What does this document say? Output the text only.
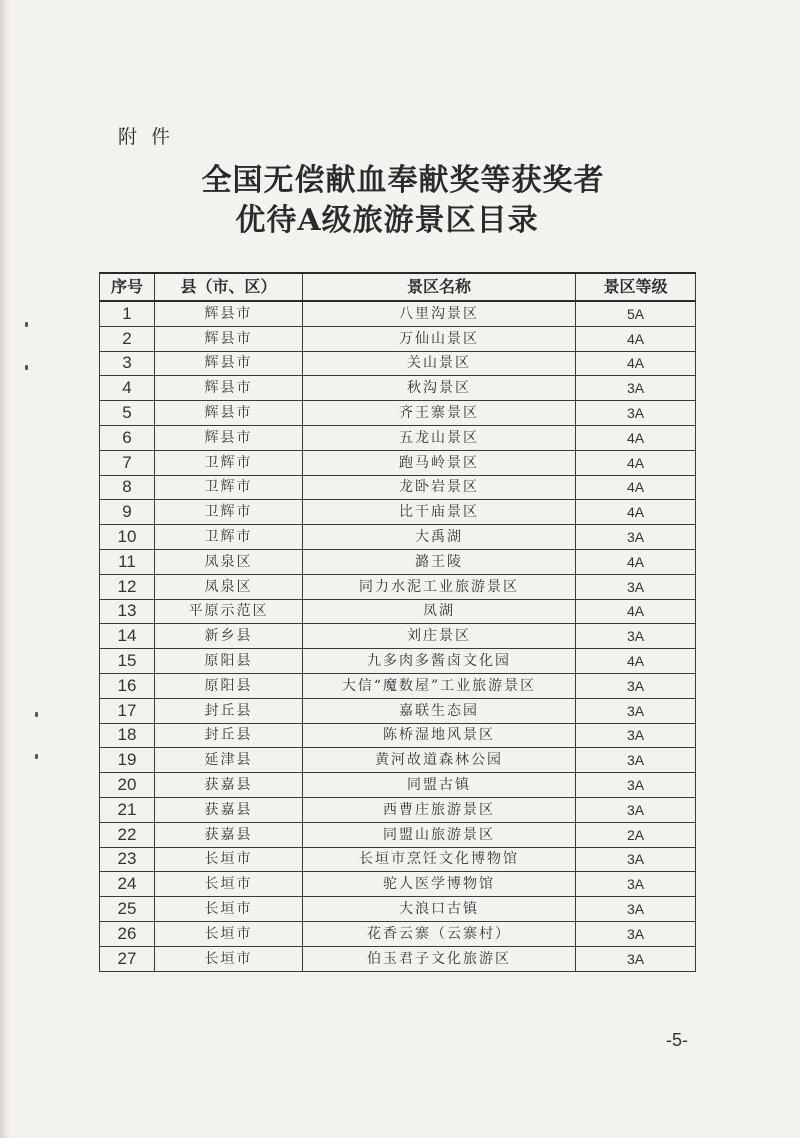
附件
全国无偿献血奉献奖等获奖者
优待A级旅游景区目录
序号	县（市、区）	景区名称	景区等级
1	辉县市	八里沟景区	5A
2	辉县市	万仙山景区	4A
3	辉县市	关山景区	4A
4	辉县市	秋沟景区	3A
5	辉县市	齐王寨景区	3A
6	辉县市	五龙山景区	4A
7	卫辉市	跑马岭景区	4A
8	卫辉市	龙卧岩景区	4A
9	卫辉市	比干庙景区	4A
10	卫辉市	大禹湖	3A
11	凤泉区	潞王陵	4A
12	凤泉区	同力水泥工业旅游景区	3A
13	平原示范区	凤湖	4A
14	新乡县	刘庄景区	3A
15	原阳县	九多肉多酱卤文化园	4A
16	原阳县	大信“魔数屋”工业旅游景区	3A
17	封丘县	嘉联生态园	3A
18	封丘县	陈桥湿地风景区	3A
19	延津县	黄河故道森林公园	3A
20	获嘉县	同盟古镇	3A
21	获嘉县	西曹庄旅游景区	3A
22	获嘉县	同盟山旅游景区	2A
23	长垣市	长垣市烹饪文化博物馆	3A
24	长垣市	驼人医学博物馆	3A
25	长垣市	大浪口古镇	3A
26	长垣市	花香云寨（云寨村）	3A
27	长垣市	伯玉君子文化旅游区	3A
-5-
